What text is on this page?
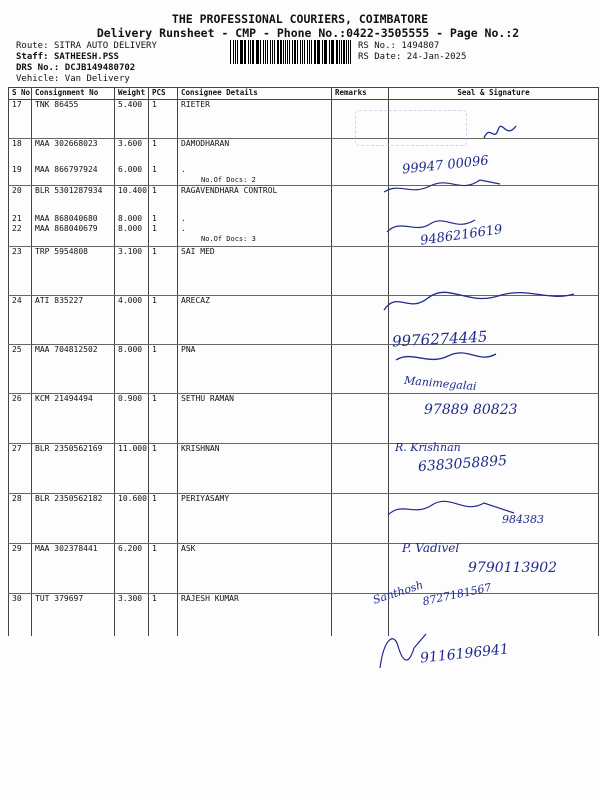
THE PROFESSIONAL COURIERS, COIMBATORE
Delivery Runsheet - CMP - Phone No.:0422-3505555 - Page No.:2
Route: SITRA AUTO DELIVERY
Staff: SATHEESH.PSS
DRS No.: DCJB149480702
Vehicle: Van Delivery
RS No.: 1494807
RS Date: 24-Jan-2025
S No	Consignment No	Weight	PCS	Consignee Details	Remarks	Seal & Signature

17	TNK 86455	5.400	1	RIETER		

18	MAA 302668023	3.600	1	DAMODHARAN		

19	MAA 866797924	6.000	1	.
No.Of Docs: 2		

20	BLR 5301287934	10.400	1	RAGAVENDHARA CONTROL		

21	MAA 868040680	8.000	1	.		

22	MAA 868040679	8.000	1	.
No.Of Docs: 3		

23	TRP 5954808	3.100	1	SAI MED		

24	ATI 835227	4.000	1	ARECAZ		

25	MAA 704812502	8.000	1	PNA		

26	KCM 21494494	0.900	1	SETHU RAMAN		

27	BLR 2350562169	11.000	1	KRISHNAN		

28	BLR 2350562182	10.600	1	PERIYASAMY		

29	MAA 302378441	6.200	1	ASK		

30	TUT 379697	3.300	1	RAJESH KUMAR		

99947 00096
9486216619
9976274445
Manimegalai
97889 80823
R. Krishnan
6383058895
984383
P. Vadivel
9790113902
Santhosh
8727181567
9116196941
